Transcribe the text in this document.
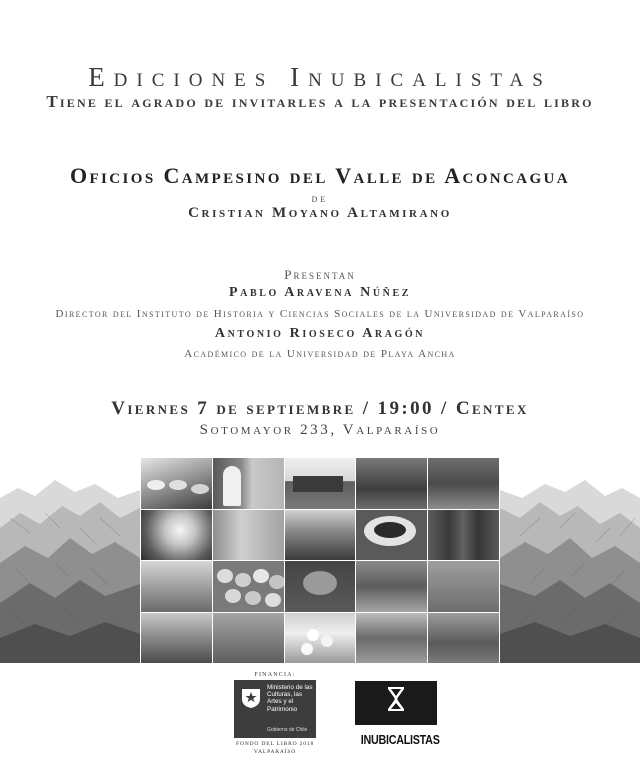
Ediciones Inubicalistas
Tiene el agrado de invitarles a la presentación del libro
Oficios Campesino del Valle de Aconcagua
de
Cristian Moyano Altamirano
Presentan
Pablo Aravena Núñez
Director del Instituto de Historia y Ciencias Sociales de la Universidad de Valparaíso
Antonio Rioseco Aragón
Académico de la Universidad de Playa Ancha
Viernes 7 de septiembre / 19:00 / Centex
Sotomayor 233, Valparaíso
FINANCIA:
Ministerio de las Culturas, las Artes y el Patrimonio
Gobierno de Chile
FONDO DEL LIBRO 2018
VALPARAÍSO
INUBICALISTAS
